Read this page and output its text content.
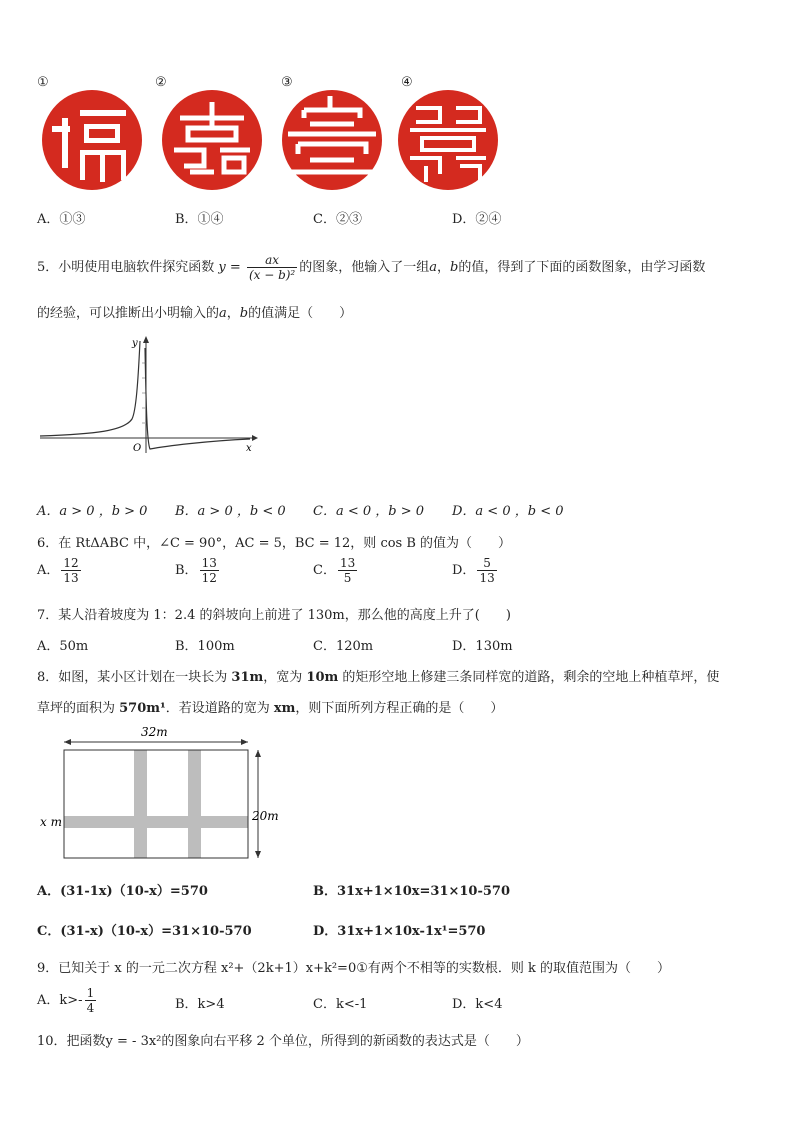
①	②	③	④
A．①③	B．①④	C．②③	D．②④
5．小明使用电脑软件探究函数 $y = \frac{ax}{\text{(x − b)²}}$ 的图象，他输入了一组a，b的值，得到了下面的函数图象，由学习函数
的经验，可以推断出小明输入的a，b的值满足（　　）
y
x
O
A．a > 0 ，b > 0 B．a > 0 ，b < 0 C．a < 0 ，b > 0 D．a < 0 ，b < 0
6．在 RtΔABC 中，∠C = 90°，AC = 5，BC = 12，则 cos B 的值为（　　）
A． $\frac{12}{13}$	B． $\frac{13}{12}$	C． $\frac{13}{5}$	D． $\frac{5}{13}$
7．某人沿着坡度为 1：2.4 的斜坡向上前进了 130m，那么他的高度上升了(　　)
A．50m	B．100m	C．120m	D．130m
8．如图，某小区计划在一块长为 31m，宽为 10m 的矩形空地上修建三条同样宽的道路，剩余的空地上种植草坪，使
草坪的面积为 570m¹．若设道路的宽为 xm，则下面所列方程正确的是（　　）
32m
20m
x m
A．(31-1x)（10-x）=570	B．31x+1×10x=31×10-570
C．(31-x)（10-x）=31×10-570	D．31x+1×10x-1x¹=570
9．已知关于 x 的一元二次方程 x²+（2k+1）x+k²=0①有两个不相等的实数根．则 k 的取值范围为（　　）
A．$k>- \frac{1}{4}$	B．k>4	C．k<-1	D．k<4
10．把函数y = - 3x²的图象向右平移 2 个单位，所得到的新函数的表达式是（　　）
